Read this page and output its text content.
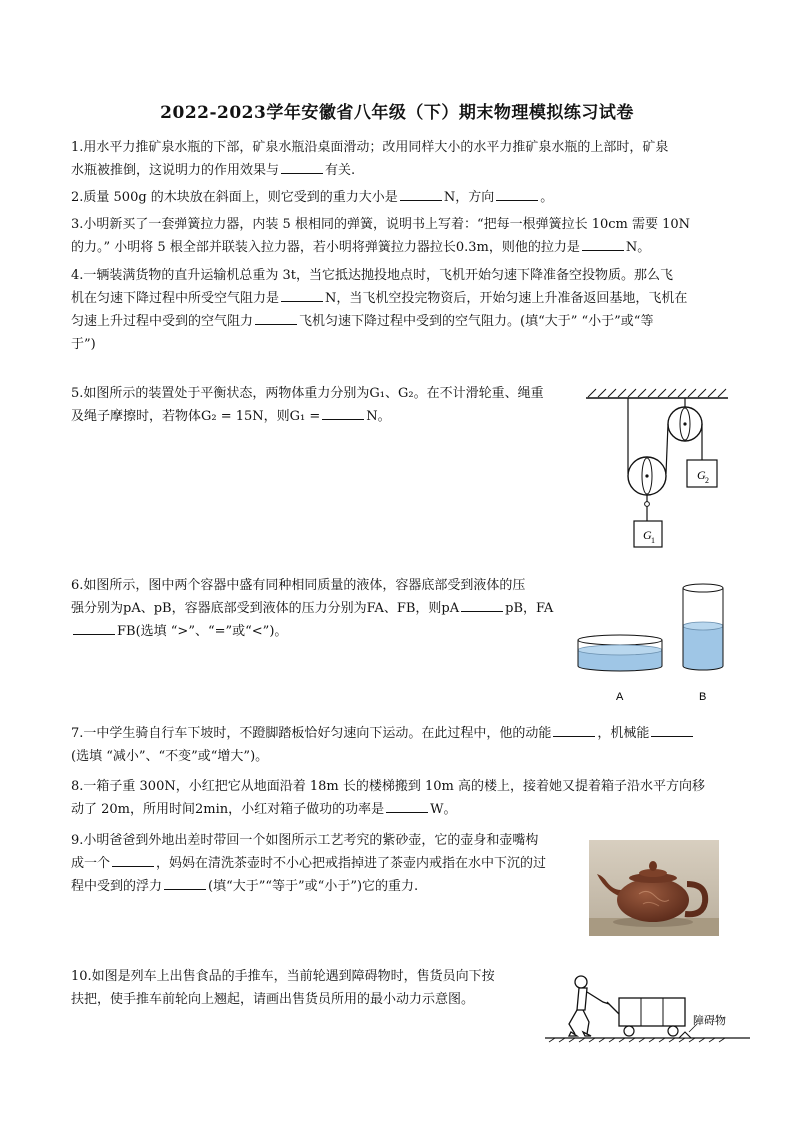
2022-2023学年安徽省八年级（下）期末物理模拟练习试卷

1.用水平力推矿泉水瓶的下部，矿泉水瓶沿桌面滑动；改用同样大小的水平力推矿泉水瓶的上部时，矿泉

水瓶被推倒，这说明力的作用效果与	有关.

2.质量 500g 的木块放在斜面上，则它受到的重力大小是	N，方向	。

3.小明新买了一套弹簧拉力器，内装 5 根相同的弹簧，说明书上写着：“把每一根弹簧拉长 10cm 需要 10N

的力。” 小明将 5 根全部并联装入拉力器，若小明将弹簧拉力器拉长0.3m，则他的拉力是	N。

4.一辆装满货物的直升运输机总重为 3t，当它抵达抛投地点时，飞机开始匀速下降准备空投物质。那么飞

机在匀速下降过程中所受空气阻力是	N，当飞机空投完物资后，开始匀速上升准备返回基地，飞机在

匀速上升过程中受到的空气阻力	飞机匀速下降过程中受到的空气阻力。(填“大于” “小于”或“等

于”)

5.如图所示的装置处于平衡状态，两物体重力分别为G₁、G₂。在不计滑轮重、绳重

及绳子摩擦时，若物体G₂ = 15N，则G₁ =	N。

G 1
G 2

6.如图所示，图中两个容器中盛有同种相同质量的液体，容器底部受到液体的压

强分别为pA、pB，容器底部受到液体的压力分别为FA、FB，则pA	pB，FA

FB(选填 “>”、“=”或“<”)。

A	B

7.一中学生骑自行车下坡时，不蹬脚踏板恰好匀速向下运动。在此过程中，他的动能	，机械能

(选填 “减小”、“不变”或“增大”)。

8.一箱子重 300N，小红把它从地面沿着 18m 长的楼梯搬到 10m 高的楼上，接着她又提着箱子沿水平方向移

动了 20m，所用时间2min，小红对箱子做功的功率是	W。

9.小明爸爸到外地出差时带回一个如图所示工艺考究的紫砂壶，它的壶身和壶嘴构

成一个	，妈妈在清洗茶壶时不小心把戒指掉进了茶壶内戒指在水中下沉的过

程中受到的浮力	(填“大于”“等于”或“小于”)它的重力.

10.如图是列车上出售食品的手推车，当前轮遇到障碍物时，售货员向下按

扶把，使手推车前轮向上翘起，请画出售货员所用的最小动力示意图。

障碍物
